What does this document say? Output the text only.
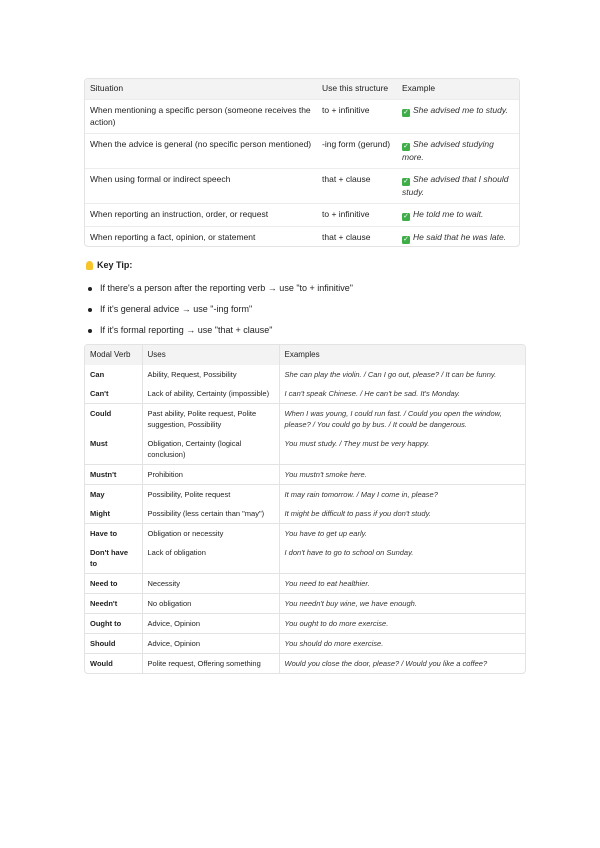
Situation	Use this structure	Example
When mentioning a specific person (someone receives the action)	to + infinitive	✓ She advised me to study.
When the advice is general (no specific person mentioned)	-ing form (gerund)	✓ She advised studying more.
When using formal or indirect speech	that + clause	✓ She advised that I should study.
When reporting an instruction, order, or request	to + infinitive	✓ He told me to wait.
When reporting a fact, opinion, or statement	that + clause	✓ He said that he was late.
Key Tip:
If there's a person after the reporting verb → use "to + infinitive"
If it's general advice → use "-ing form"
If it's formal reporting → use "that + clause"
Modal Verb	Uses	Examples
Can	Ability, Request, Possibility	She can play the violin. / Can I go out, please? / It can be funny.
Can't	Lack of ability, Certainty (impossible)	I can't speak Chinese. / He can't be sad. It's Monday.
Could	Past ability, Polite request, Polite suggestion, Possibility	When I was young, I could run fast. / Could you open the window, please? / You could go by bus. / It could be dangerous.
Must	Obligation, Certainty (logical conclusion)	You must study. / They must be very happy.
Mustn't	Prohibition	You mustn't smoke here.
May	Possibility, Polite request	It may rain tomorrow. / May I come in, please?
Might	Possibility (less certain than "may")	It might be difficult to pass if you don't study.
Have to	Obligation or necessity	You have to get up early.
Don't have to	Lack of obligation	I don't have to go to school on Sunday.
Need to	Necessity	You need to eat healthier.
Needn't	No obligation	You needn't buy wine, we have enough.
Ought to	Advice, Opinion	You ought to do more exercise.
Should	Advice, Opinion	You should do more exercise.
Would	Polite request, Offering something	Would you close the door, please? / Would you like a coffee?
